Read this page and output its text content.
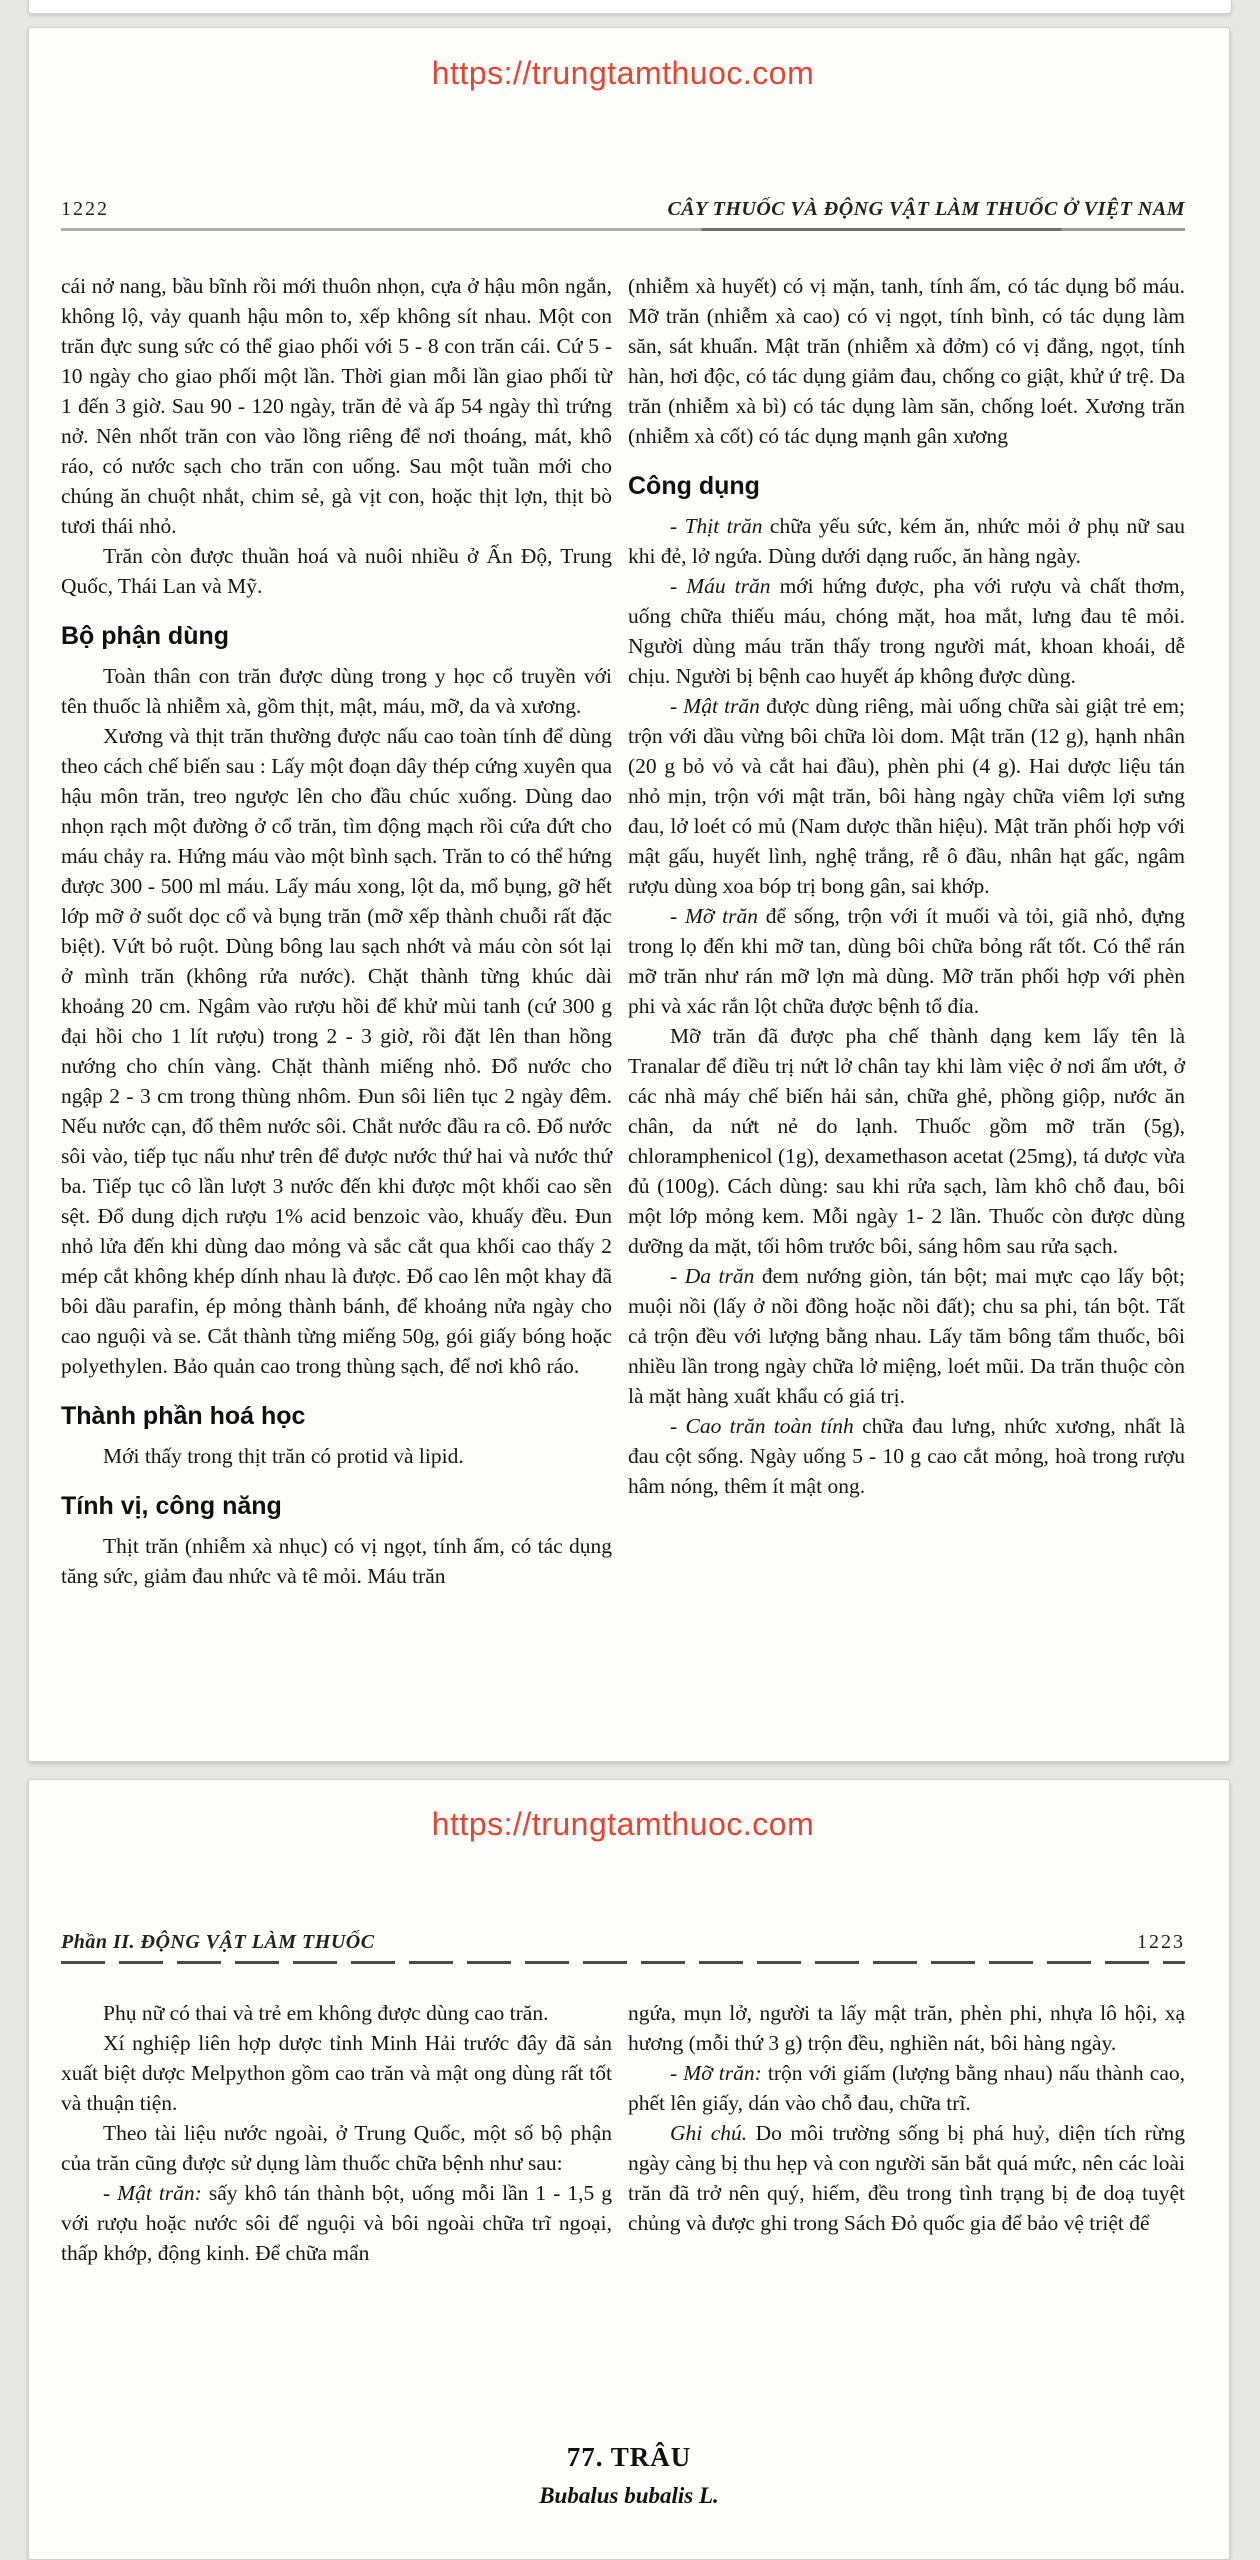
https://trungtamthuoc.com
1222	CÂY THUỐC VÀ ĐỘNG VẬT LÀM THUỐC Ở VIỆT NAM

cái nở nang, bầu bĩnh rồi mới thuôn nhọn, cựa ở hậu môn ngắn, không lộ, vảy quanh hậu môn to, xếp không sít nhau. Một con trăn đực sung sức có thể giao phối với 5 - 8 con trăn cái. Cứ 5 - 10 ngày cho giao phối một lần. Thời gian mỗi lần giao phối từ 1 đến 3 giờ. Sau 90 - 120 ngày, trăn đẻ và ấp 54 ngày thì trứng nở. Nên nhốt trăn con vào lồng riêng để nơi thoáng, mát, khô ráo, có nước sạch cho trăn con uống. Sau một tuần mới cho chúng ăn chuột nhắt, chim sẻ, gà vịt con, hoặc thịt lợn, thịt bò tươi thái nhỏ.

Trăn còn được thuần hoá và nuôi nhiều ở Ấn Độ, Trung Quốc, Thái Lan và Mỹ.

Bộ phận dùng

Toàn thân con trăn được dùng trong y học cổ truyền với tên thuốc là nhiễm xà, gồm thịt, mật, máu, mỡ, da và xương.

Xương và thịt trăn thường được nấu cao toàn tính để dùng theo cách chế biến sau : Lấy một đoạn dây thép cứng xuyên qua hậu môn trăn, treo ngược lên cho đầu chúc xuống. Dùng dao nhọn rạch một đường ở cổ trăn, tìm động mạch rồi cứa đứt cho máu chảy ra. Hứng máu vào một bình sạch. Trăn to có thể hứng được 300 - 500 ml máu. Lấy máu xong, lột da, mổ bụng, gỡ hết lớp mỡ ở suốt dọc cổ và bụng trăn (mỡ xếp thành chuỗi rất đặc biệt). Vứt bỏ ruột. Dùng bông lau sạch nhớt và máu còn sót lại ở mình trăn (không rửa nước). Chặt thành từng khúc dài khoảng 20 cm. Ngâm vào rượu hồi để khử mùi tanh (cứ 300 g đại hồi cho 1 lít rượu) trong 2 - 3 giờ, rồi đặt lên than hồng nướng cho chín vàng. Chặt thành miếng nhỏ. Đổ nước cho ngập 2 - 3 cm trong thùng nhôm. Đun sôi liên tục 2 ngày đêm. Nếu nước cạn, đổ thêm nước sôi. Chắt nước đầu ra cô. Đổ nước sôi vào, tiếp tục nấu như trên để được nước thứ hai và nước thứ ba. Tiếp tục cô lần lượt 3 nước đến khi được một khối cao sền sệt. Đổ dung dịch rượu 1% acid benzoic vào, khuấy đều. Đun nhỏ lửa đến khi dùng dao mỏng và sắc cắt qua khối cao thấy 2 mép cắt không khép dính nhau là được. Đổ cao lên một khay đã bôi dầu parafin, ép mỏng thành bánh, để khoảng nửa ngày cho cao nguội và se. Cắt thành từng miếng 50g, gói giấy bóng hoặc polyethylen. Bảo quản cao trong thùng sạch, để nơi khô ráo.

Thành phần hoá học

Mới thấy trong thịt trăn có protid và lipid.

Tính vị, công năng

Thịt trăn (nhiễm xà nhục) có vị ngọt, tính ấm, có tác dụng tăng sức, giảm đau nhức và tê mỏi. Máu trăn

(nhiễm xà huyết) có vị mặn, tanh, tính ấm, có tác dụng bổ máu. Mỡ trăn (nhiễm xà cao) có vị ngọt, tính bình, có tác dụng làm săn, sát khuẩn. Mật trăn (nhiễm xà đởm) có vị đắng, ngọt, tính hàn, hơi độc, có tác dụng giảm đau, chống co giật, khử ứ trệ. Da trăn (nhiễm xà bì) có tác dụng làm săn, chống loét. Xương trăn (nhiễm xà cốt) có tác dụng mạnh gân xương

Công dụng

- Thịt trăn chữa yếu sức, kém ăn, nhức mỏi ở phụ nữ sau khi đẻ, lở ngứa. Dùng dưới dạng ruốc, ăn hàng ngày.

- Máu trăn mới hứng được, pha với rượu và chất thơm, uống chữa thiếu máu, chóng mặt, hoa mắt, lưng đau tê mỏi. Người dùng máu trăn thấy trong người mát, khoan khoái, dễ chịu. Người bị bệnh cao huyết áp không được dùng.

- Mật trăn được dùng riêng, mài uống chữa sài giật trẻ em; trộn với dầu vừng bôi chữa lòi dom. Mật trăn (12 g), hạnh nhân (20 g bỏ vỏ và cắt hai đầu), phèn phi (4 g). Hai dược liệu tán nhỏ mịn, trộn với mật trăn, bôi hàng ngày chữa viêm lợi sưng đau, lở loét có mủ (Nam dược thần hiệu). Mật trăn phối hợp với mật gấu, huyết lình, nghệ trắng, rễ ô đầu, nhân hạt gấc, ngâm rượu dùng xoa bóp trị bong gân, sai khớp.

- Mỡ trăn để sống, trộn với ít muối và tỏi, giã nhỏ, đựng trong lọ đến khi mỡ tan, dùng bôi chữa bỏng rất tốt. Có thể rán mỡ trăn như rán mỡ lợn mà dùng. Mỡ trăn phối hợp với phèn phi và xác rắn lột chữa được bệnh tổ đỉa.

Mỡ trăn đã được pha chế thành dạng kem lấy tên là Tranalar để điều trị nứt lở chân tay khi làm việc ở nơi ẩm ướt, ở các nhà máy chế biến hải sản, chữa ghẻ, phồng giộp, nước ăn chân, da nứt nẻ do lạnh. Thuốc gồm mỡ trăn (5g), chloramphenicol (1g), dexamethason acetat (25mg), tá dược vừa đủ (100g). Cách dùng: sau khi rửa sạch, làm khô chỗ đau, bôi một lớp mỏng kem. Mỗi ngày 1- 2 lần. Thuốc còn được dùng dưỡng da mặt, tối hôm trước bôi, sáng hôm sau rửa sạch.

- Da trăn đem nướng giòn, tán bột; mai mực cạo lấy bột; muội nồi (lấy ở nồi đồng hoặc nồi đất); chu sa phi, tán bột. Tất cả trộn đều với lượng bằng nhau. Lấy tăm bông tẩm thuốc, bôi nhiều lần trong ngày chữa lở miệng, loét mũi. Da trăn thuộc còn là mặt hàng xuất khẩu có giá trị.

- Cao trăn toàn tính chữa đau lưng, nhức xương, nhất là đau cột sống. Ngày uống 5 - 10 g cao cắt mỏng, hoà trong rượu hâm nóng, thêm ít mật ong.

https://trungtamthuoc.com
Phần II. ĐỘNG VẬT LÀM THUỐC	1223

Phụ nữ có thai và trẻ em không được dùng cao trăn.

Xí nghiệp liên hợp dược tỉnh Minh Hải trước đây đã sản xuất biệt dược Melpython gồm cao trăn và mật ong dùng rất tốt và thuận tiện.

Theo tài liệu nước ngoài, ở Trung Quốc, một số bộ phận của trăn cũng được sử dụng làm thuốc chữa bệnh như sau:

- Mật trăn: sấy khô tán thành bột, uống mỗi lần 1 - 1,5 g với rượu hoặc nước sôi để nguội và bôi ngoài chữa trĩ ngoại, thấp khớp, động kinh. Để chữa mẩn

ngứa, mụn lở, người ta lấy mật trăn, phèn phi, nhựa lô hội, xạ hương (mỗi thứ 3 g) trộn đều, nghiền nát, bôi hàng ngày.

- Mỡ trăn: trộn với giấm (lượng bằng nhau) nấu thành cao, phết lên giấy, dán vào chỗ đau, chữa trĩ.

Ghi chú. Do môi trường sống bị phá huỷ, diện tích rừng ngày càng bị thu hẹp và con người săn bắt quá mức, nên các loài trăn đã trở nên quý, hiếm, đều trong tình trạng bị đe doạ tuyệt chủng và được ghi trong Sách Đỏ quốc gia để bảo vệ triệt để

77. TRÂU

Bubalus bubalis L.
